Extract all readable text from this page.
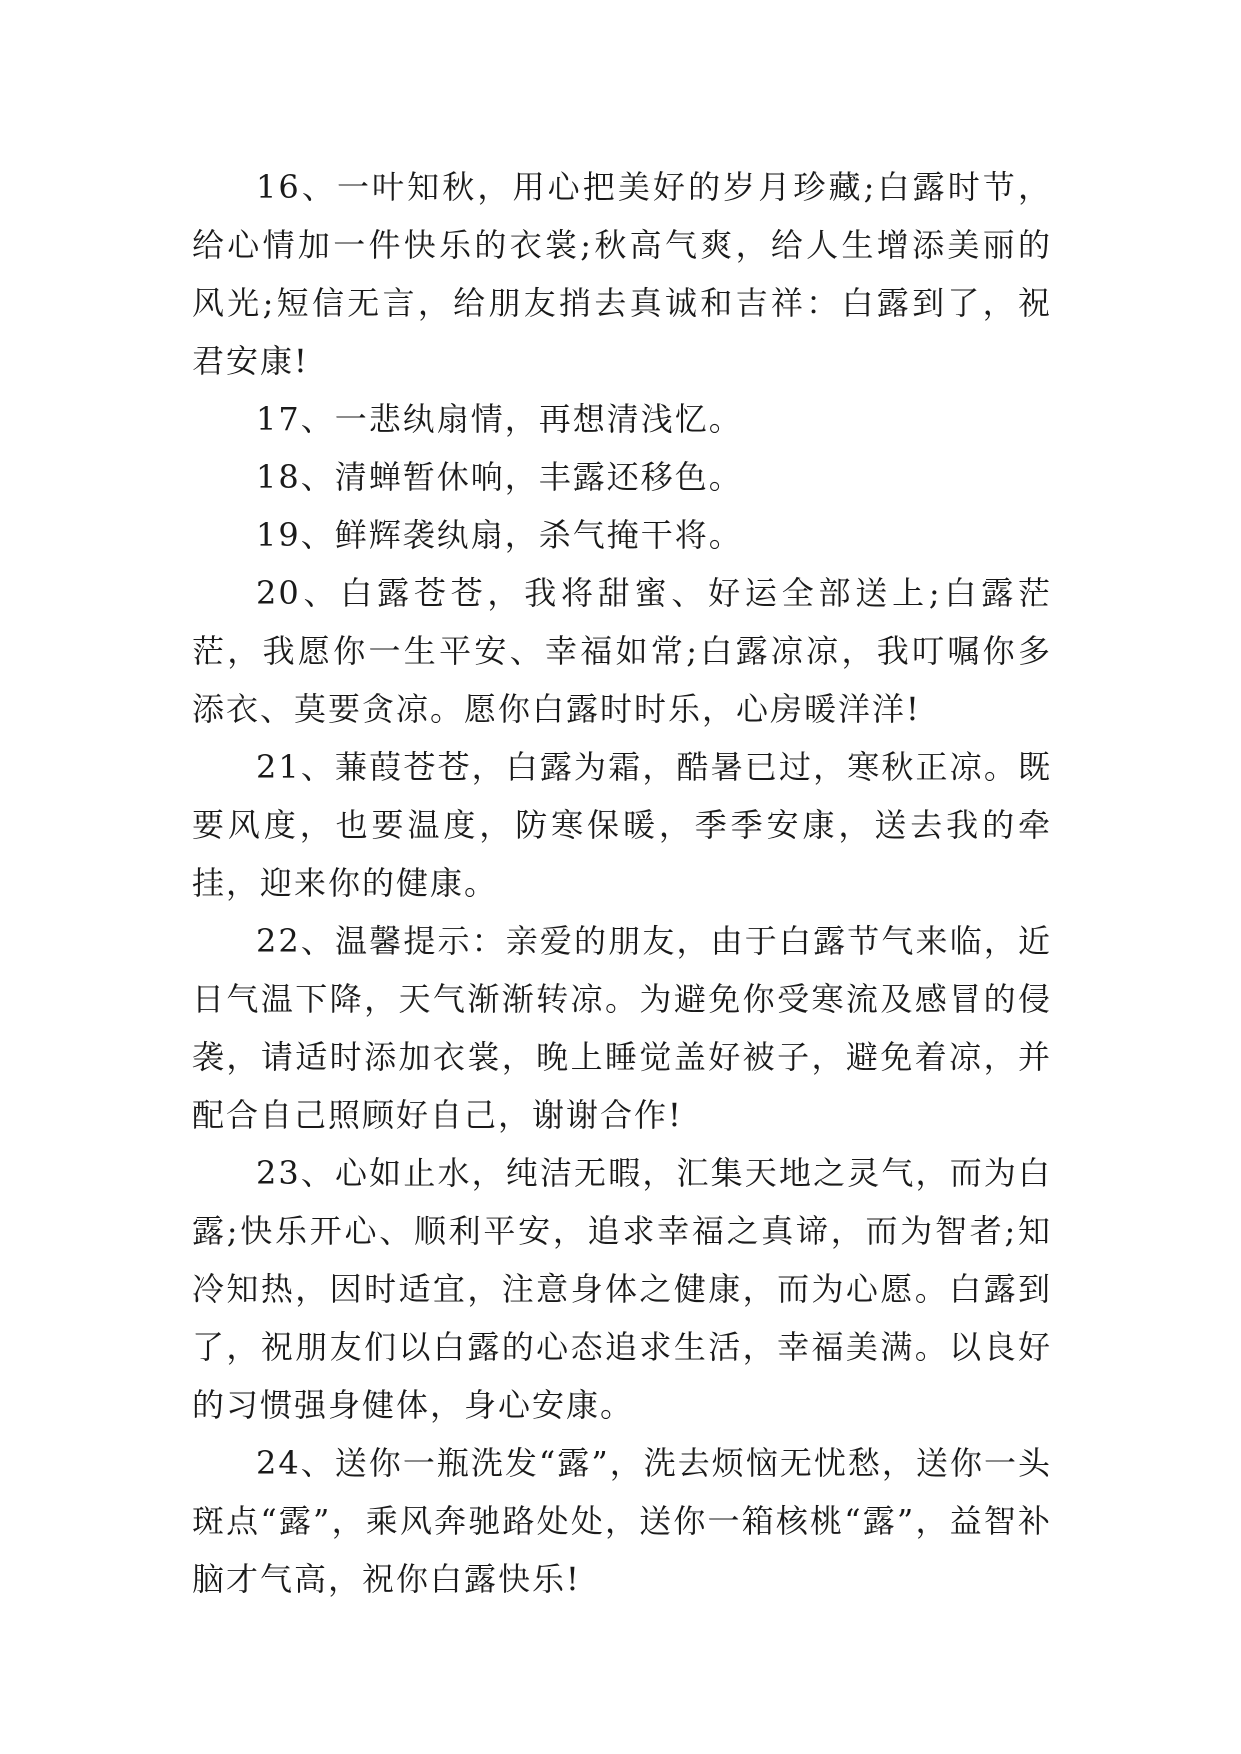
16、一叶知秋，用心把美好的岁月珍藏;白露时节，给心情加一件快乐的衣裳;秋高气爽，给人生增添美丽的风光;短信无言，给朋友捎去真诚和吉祥：白露到了，祝君安康!

17、一悲纨扇情，再想清浅忆。

18、清蝉暂休响，丰露还移色。

19、鲜辉袭纨扇，杀气掩干将。

20、白露苍苍，我将甜蜜、好运全部送上;白露茫茫，我愿你一生平安、幸福如常;白露凉凉，我叮嘱你多添衣、莫要贪凉。愿你白露时时乐，心房暖洋洋!

21、蒹葭苍苍，白露为霜，酷暑已过，寒秋正凉。既要风度，也要温度，防寒保暖，季季安康，送去我的牵挂，迎来你的健康。

22、温馨提示：亲爱的朋友，由于白露节气来临，近日气温下降，天气渐渐转凉。为避免你受寒流及感冒的侵袭，请适时添加衣裳，晚上睡觉盖好被子，避免着凉，并配合自己照顾好自己，谢谢合作!

23、心如止水，纯洁无暇，汇集天地之灵气，而为白露;快乐开心、顺利平安，追求幸福之真谛，而为智者;知冷知热，因时适宜，注意身体之健康，而为心愿。白露到了，祝朋友们以白露的心态追求生活，幸福美满。以良好的习惯强身健体，身心安康。

24、送你一瓶洗发“露”，洗去烦恼无忧愁，送你一头斑点“露”，乘风奔驰路处处，送你一箱核桃“露”，益智补脑才气高，祝你白露快乐!
